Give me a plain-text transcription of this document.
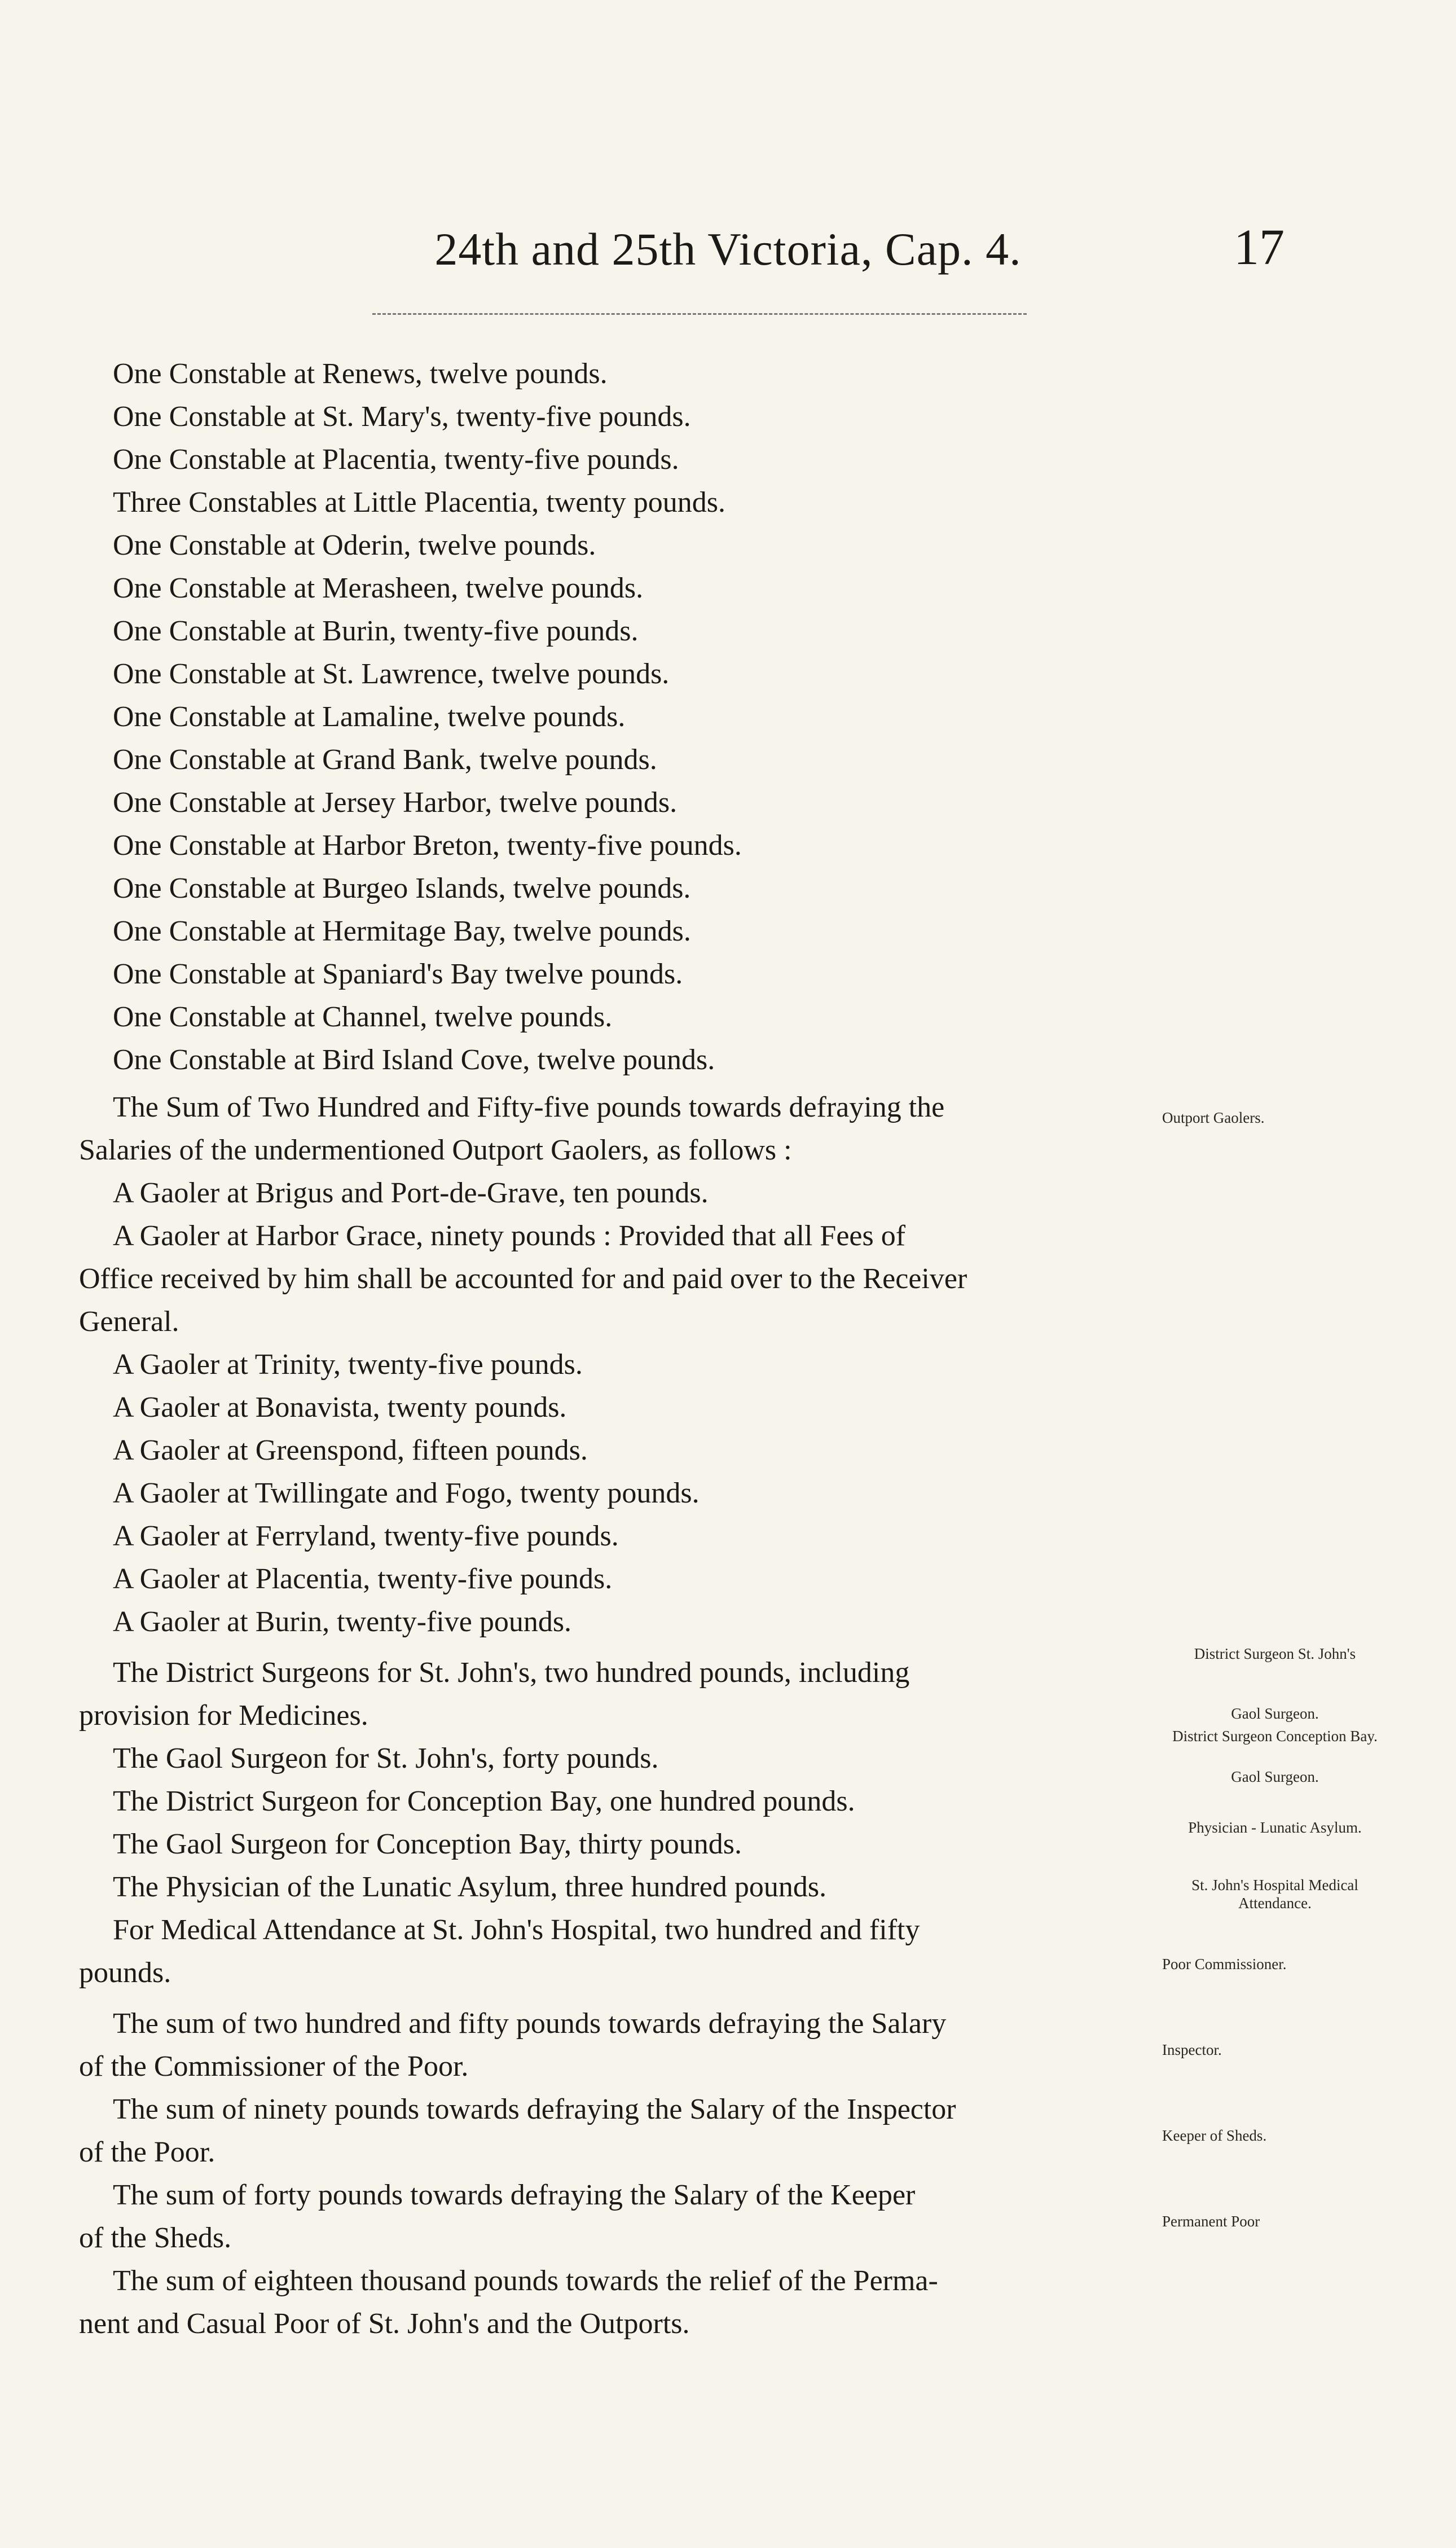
24th and 25th Victoria, Cap. 4.	17
One Constable at Renews, twelve pounds.
One Constable at St. Mary's, twenty-five pounds.
One Constable at Placentia, twenty-five pounds.
Three Constables at Little Placentia, twenty pounds.
One Constable at Oderin, twelve pounds.
One Constable at Merasheen, twelve pounds.
One Constable at Burin, twenty-five pounds.
One Constable at St. Lawrence, twelve pounds.
One Constable at Lamaline, twelve pounds.
One Constable at Grand Bank, twelve pounds.
One Constable at Jersey Harbor, twelve pounds.
One Constable at Harbor Breton, twenty-five pounds.
One Constable at Burgeo Islands, twelve pounds.
One Constable at Hermitage Bay, twelve pounds.
One Constable at Spaniard's Bay twelve pounds.
One Constable at Channel, twelve pounds.
One Constable at Bird Island Cove, twelve pounds.
The Sum of Two Hundred and Fifty-five pounds towards defraying the
Salaries of the undermentioned Outport Gaolers, as follows :
A Gaoler at Brigus and Port-de-Grave, ten pounds.
A Gaoler at Harbor Grace, ninety pounds : Provided that all Fees of
Office received by him shall be accounted for and paid over to the Receiver
General.
A Gaoler at Trinity, twenty-five pounds.
A Gaoler at Bonavista, twenty pounds.
A Gaoler at Greenspond, fifteen pounds.
A Gaoler at Twillingate and Fogo, twenty pounds.
A Gaoler at Ferryland, twenty-five pounds.
A Gaoler at Placentia, twenty-five pounds.
A Gaoler at Burin, twenty-five pounds.
The District Surgeons for St. John's, two hundred pounds, including
provision for Medicines.
The Gaol Surgeon for St. John's, forty pounds.
The District Surgeon for Conception Bay, one hundred pounds.
The Gaol Surgeon for Conception Bay, thirty pounds.
The Physician of the Lunatic Asylum, three hundred pounds.
For Medical Attendance at St. John's Hospital, two hundred and fifty
pounds.
The sum of two hundred and fifty pounds towards defraying the Salary
of the Commissioner of the Poor.
The sum of ninety pounds towards defraying the Salary of the Inspector
of the Poor.
The sum of forty pounds towards defraying the Salary of the Keeper
of the Sheds.
The sum of eighteen thousand pounds towards the relief of the Perma-
nent and Casual Poor of St. John's and the Outports.
Outport Gaolers.
District Surgeon St. John's
Gaol Surgeon.
District Surgeon Conception Bay.
Gaol Surgeon.
Physician - Lunatic Asylum.
St. John's Hospital Medical Attendance.
Poor Commissioner.
Inspector.
Keeper of Sheds.
Permanent Poor
